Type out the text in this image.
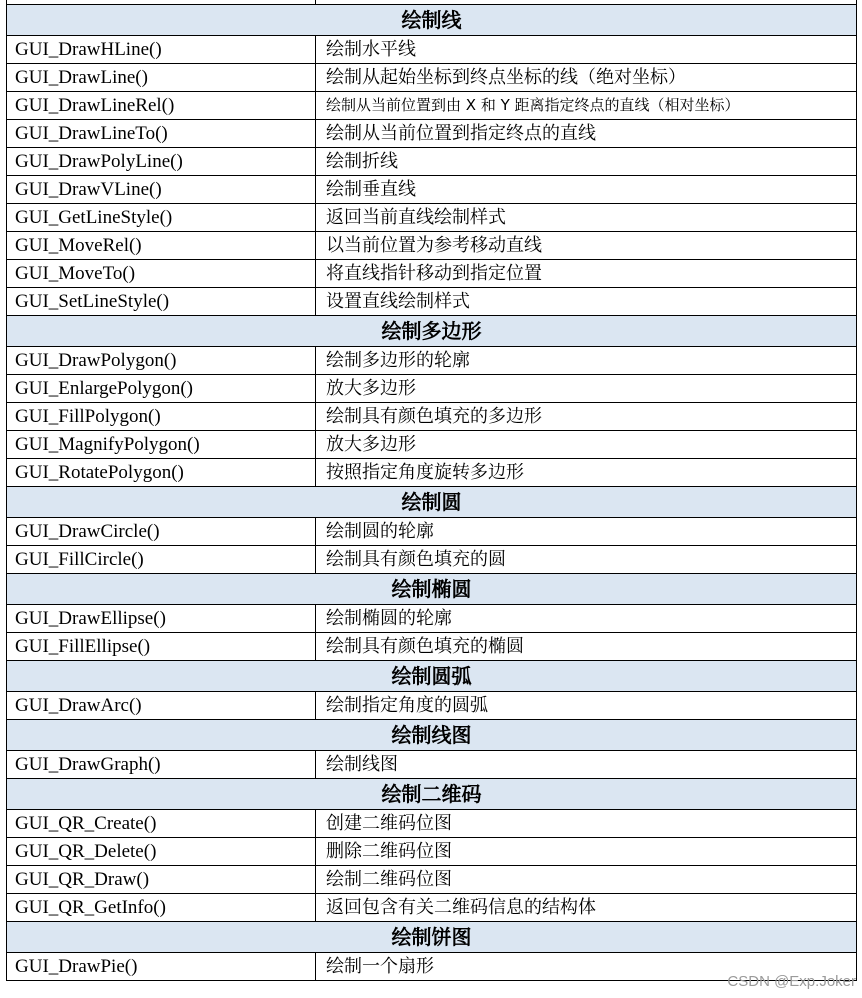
绘制线	
GUI_DrawHLine()	绘制水平线
GUI_DrawLine()	绘制从起始坐标到终点坐标的线（绝对坐标）
GUI_DrawLineRel()	绘制从当前位置到由 X 和 Y 距离指定终点的直线（相对坐标）
GUI_DrawLineTo()	绘制从当前位置到指定终点的直线
GUI_DrawPolyLine()	绘制折线
GUI_DrawVLine()	绘制垂直线
GUI_GetLineStyle()	返回当前直线绘制样式
GUI_MoveRel()	以当前位置为参考移动直线
GUI_MoveTo()	将直线指针移动到指定位置
GUI_SetLineStyle()	设置直线绘制样式
绘制多边形	
GUI_DrawPolygon()	绘制多边形的轮廓
GUI_EnlargePolygon()	放大多边形
GUI_FillPolygon()	绘制具有颜色填充的多边形
GUI_MagnifyPolygon()	放大多边形
GUI_RotatePolygon()	按照指定角度旋转多边形
绘制圆	
GUI_DrawCircle()	绘制圆的轮廓
GUI_FillCircle()	绘制具有颜色填充的圆
绘制椭圆	
GUI_DrawEllipse()	绘制椭圆的轮廓
GUI_FillEllipse()	绘制具有颜色填充的椭圆
绘制圆弧	
GUI_DrawArc()	绘制指定角度的圆弧
绘制线图	
GUI_DrawGraph()	绘制线图
绘制二维码	
GUI_QR_Create()	创建二维码位图
GUI_QR_Delete()	删除二维码位图
GUI_QR_Draw()	绘制二维码位图
GUI_QR_GetInfo()	返回包含有关二维码信息的结构体
绘制饼图	
GUI_DrawPie()	绘制一个扇形
CSDN @Exp.Joker
